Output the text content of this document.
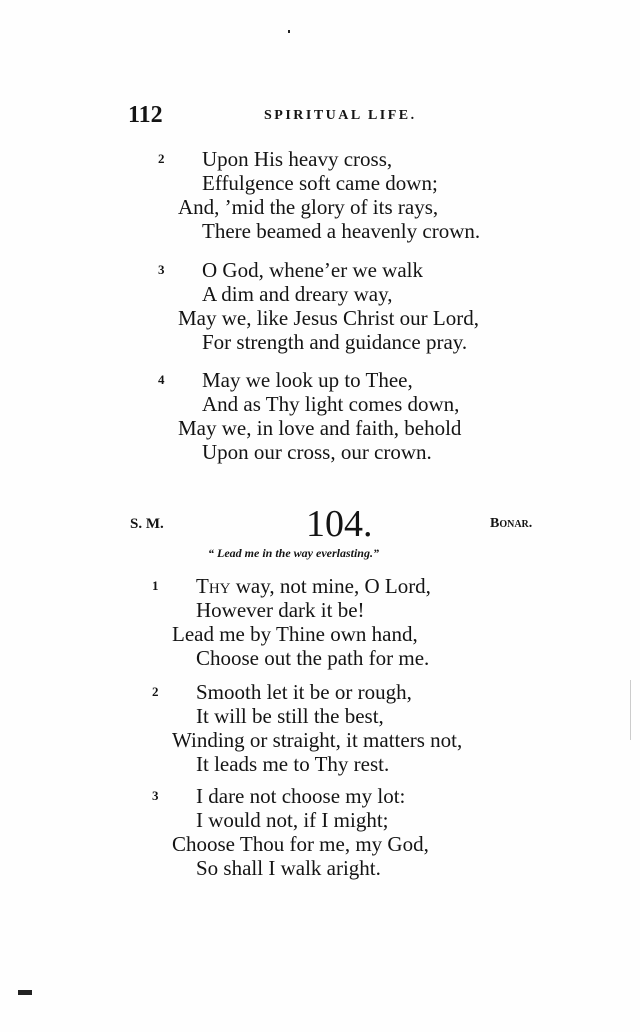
112	SPIRITUAL LIFE.
2 Upon His heavy cross,
Effulgence soft came down;
And, ’mid the glory of its rays,
There beamed a heavenly crown.
3 O God, whene’er we walk
A dim and dreary way,
May we, like Jesus Christ our Lord,
For strength and guidance pray.
4 May we look up to Thee,
And as Thy light comes down,
May we, in love and faith, behold
Upon our cross, our crown.
S. M.	104.	Bonar.
“ Lead me in the way everlasting.”
1 Thy way, not mine, O Lord,
However dark it be!
Lead me by Thine own hand,
Choose out the path for me.
2 Smooth let it be or rough,
It will be still the best,
Winding or straight, it matters not,
It leads me to Thy rest.
3 I dare not choose my lot:
I would not, if I might;
Choose Thou for me, my God,
So shall I walk aright.
